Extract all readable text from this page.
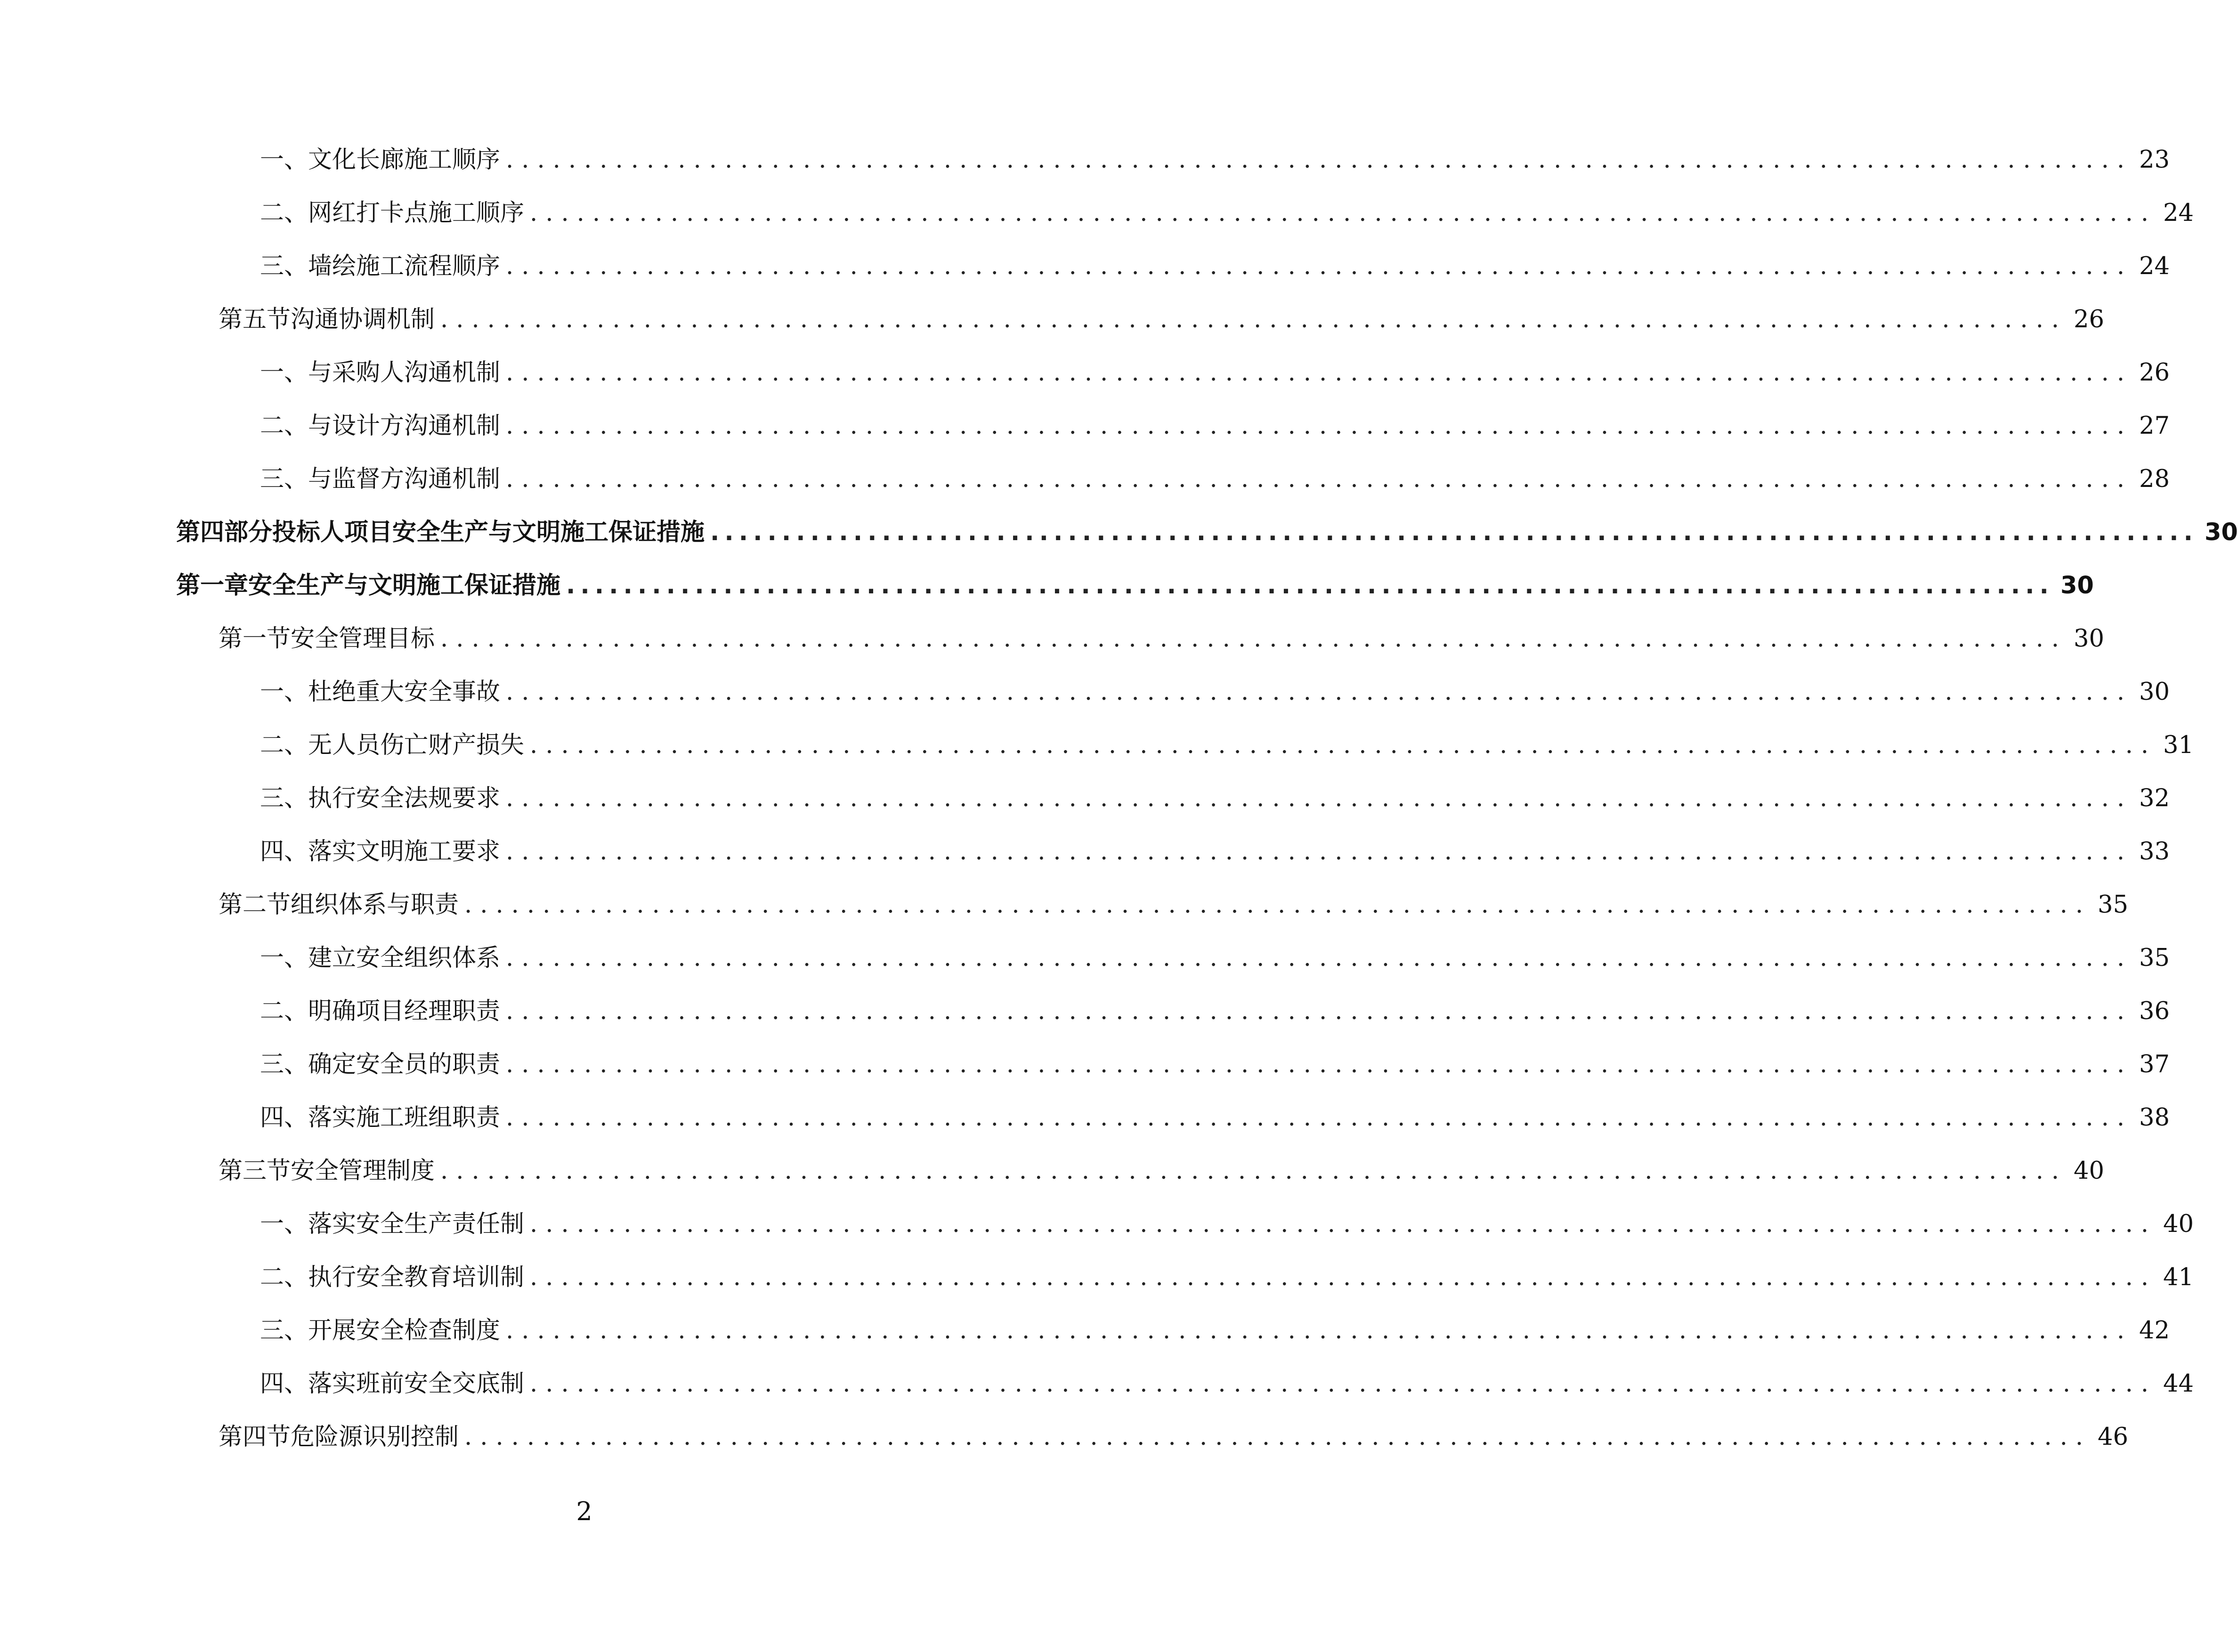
一、文化长廊施工顺序 ........................................................................................................ 23
二、网红打卡点施工顺序 ........................................................................................................ 24
三、墙绘施工流程顺序 ........................................................................................................ 24
第五节 沟通协调机制 ........................................................................................................ 26
一、与采购人沟通机制 ........................................................................................................ 26
二、与设计方沟通机制 ........................................................................................................ 27
三、与监督方沟通机制 ........................................................................................................ 28
第四部分 投标人项目安全生产与文明施工保证措施 ........................................................................................................ 30
第一章 安全生产与文明施工保证措施 ........................................................................................................ 30
第一节 安全管理目标 ........................................................................................................ 30
一、杜绝重大安全事故 ........................................................................................................ 30
二、无人员伤亡财产损失 ........................................................................................................ 31
三、执行安全法规要求 ........................................................................................................ 32
四、落实文明施工要求 ........................................................................................................ 33
第二节 组织体系与职责 ........................................................................................................ 35
一、建立安全组织体系 ........................................................................................................ 35
二、明确项目经理职责 ........................................................................................................ 36
三、确定安全员的职责 ........................................................................................................ 37
四、落实施工班组职责 ........................................................................................................ 38
第三节 安全管理制度 ........................................................................................................ 40
一、落实安全生产责任制 ........................................................................................................ 40
二、执行安全教育培训制 ........................................................................................................ 41
三、开展安全检查制度 ........................................................................................................ 42
四、落实班前安全交底制 ........................................................................................................ 44
第四节 危险源识别控制 ........................................................................................................ 46
2
